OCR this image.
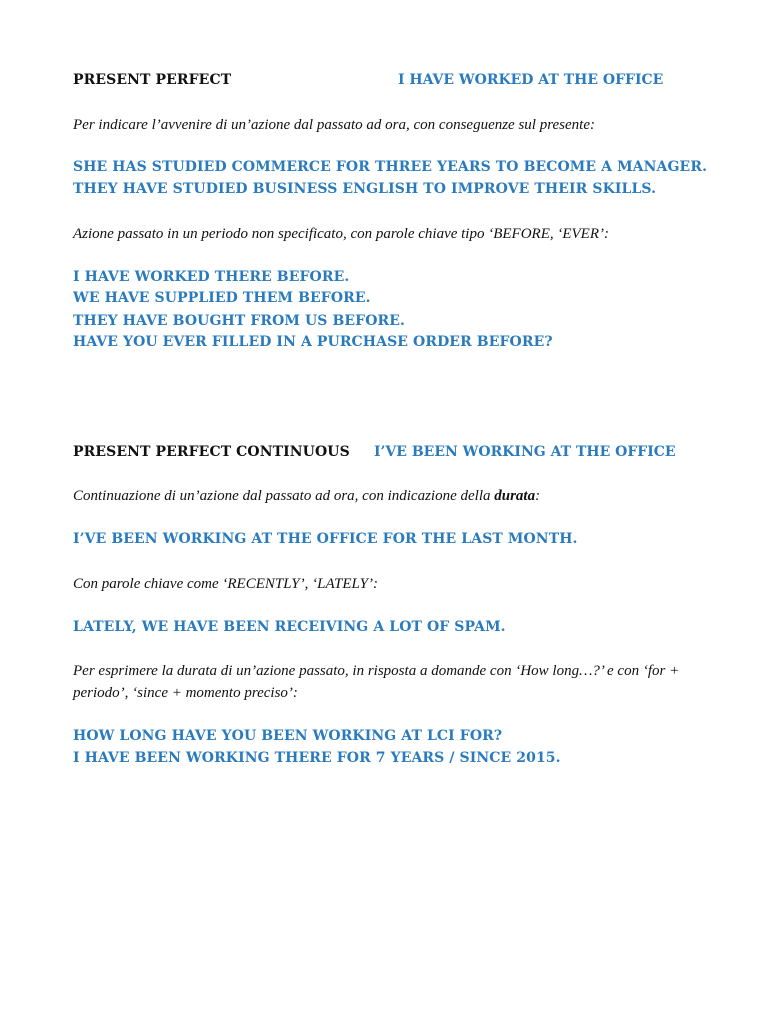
PRESENT PERFECT	I HAVE WORKED AT THE OFFICE

Per indicare l’avvenire di un’azione dal passato ad ora, con conseguenze sul presente:

SHE HAS STUDIED COMMERCE FOR THREE YEARS TO BECOME A MANAGER.

THEY HAVE STUDIED BUSINESS ENGLISH TO IMPROVE THEIR SKILLS.

Azione passato in un periodo non specificato, con parole chiave tipo ‘BEFORE, ‘EVER’:

I HAVE WORKED THERE BEFORE.

WE HAVE SUPPLIED THEM BEFORE.

THEY HAVE BOUGHT FROM US BEFORE.

HAVE YOU EVER FILLED IN A PURCHASE ORDER BEFORE?

PRESENT PERFECT CONTINUOUS I’VE BEEN WORKING AT THE OFFICE

Continuazione di un’azione dal passato ad ora, con indicazione della durata:

I’VE BEEN WORKING AT THE OFFICE FOR THE LAST MONTH.

Con parole chiave come ‘RECENTLY’, ‘LATELY’:

LATELY, WE HAVE BEEN RECEIVING A LOT OF SPAM.

Per esprimere la durata di un’azione passato, in risposta a domande con ‘How long…?’ e con ‘for +

periodo’, ‘since + momento preciso’:

HOW LONG HAVE YOU BEEN WORKING AT LCI FOR?

I HAVE BEEN WORKING THERE FOR 7 YEARS / SINCE 2015.
